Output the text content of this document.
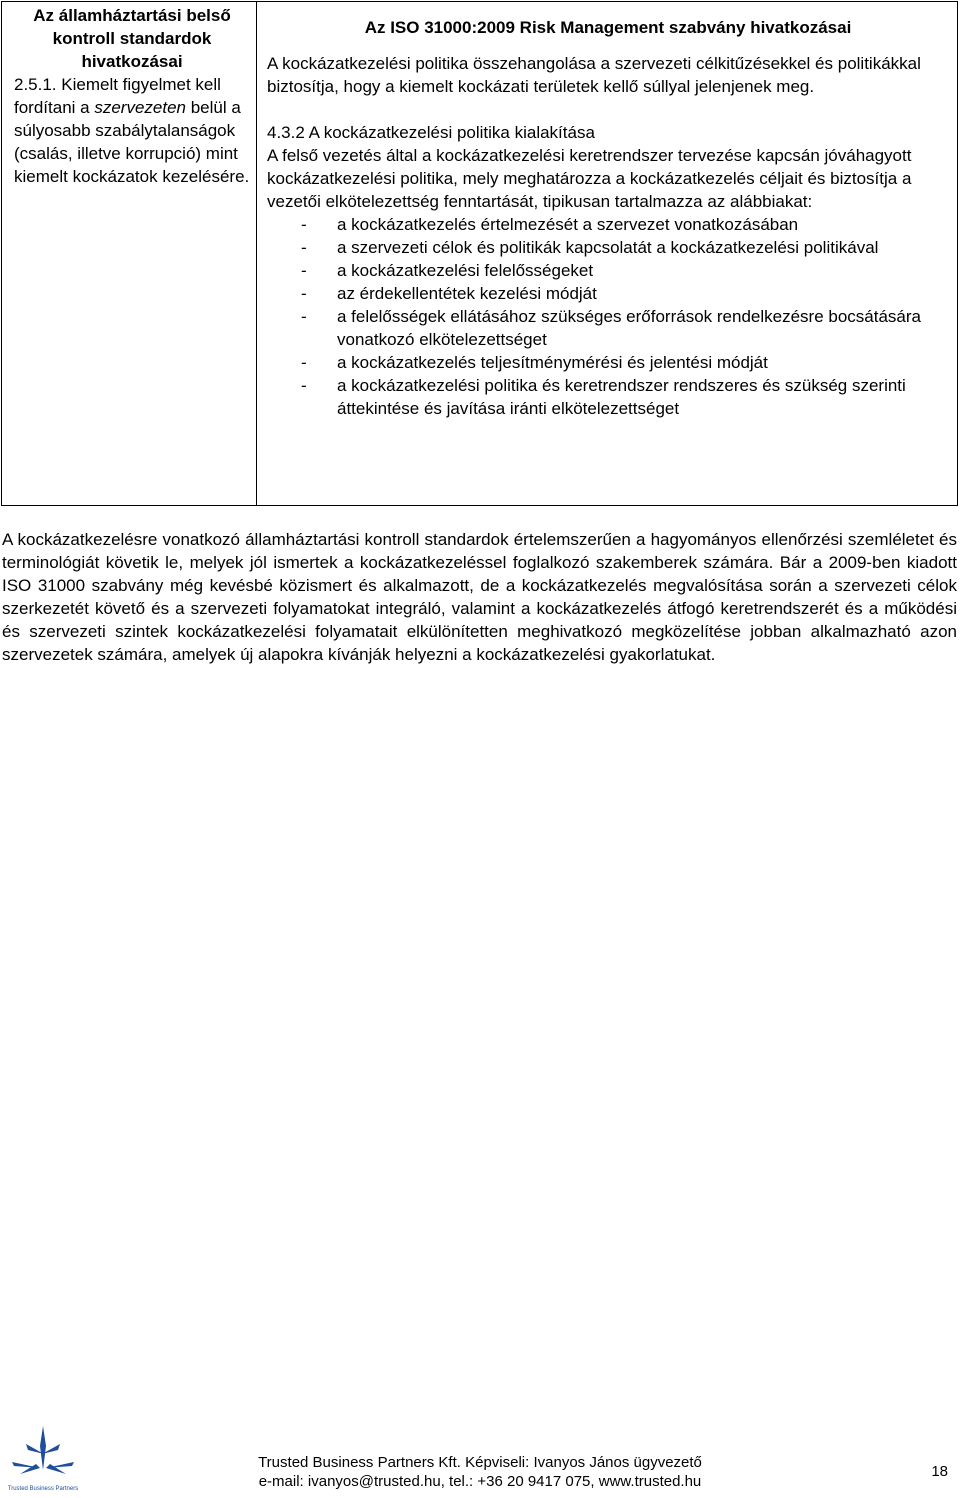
Az államháztartási belső kontroll standardok hivatkozásai
2.5.1. Kiemelt figyelmet kell fordítani a szervezeten belül a súlyosabb szabálytalanságok (csalás, illetve korrupció) mint kiemelt kockázatok kezelésére.
Az ISO 31000:2009 Risk Management szabvány hivatkozásai

A kockázatkezelési politika összehangolása a szervezeti célkitűzésekkel és politikákkal biztosítja, hogy a kiemelt kockázati területek kellő súllyal jelenjenek meg.

4.3.2 A kockázatkezelési politika kialakítása

A felső vezetés által a kockázatkezelési keretrendszer tervezése kapcsán jóváhagyott kockázatkezelési politika, mely meghatározza a kockázatkezelés céljait és biztosítja a vezetői elkötelezettség fenntartását, tipikusan tartalmazza az alábbiakat:

- a kockázatkezelés értelmezését a szervezet vonatkozásában
- a szervezeti célok és politikák kapcsolatát a kockázatkezelési politikával
- a kockázatkezelési felelősségeket
- az érdekellentétek kezelési módját
- a felelősségek ellátásához szükséges erőforrások rendelkezésre bocsátására vonatkozó elkötelezettséget
- a kockázatkezelés teljesítménymérési és jelentési módját
- a kockázatkezelési politika és keretrendszer rendszeres és szükség szerinti áttekintése és javítása iránti elkötelezettséget

A kockázatkezelésre vonatkozó államháztartási kontroll standardok értelemszerűen a hagyományos ellenőrzési szemléletet és terminológiát követik le, melyek jól ismertek a kockázatkezeléssel foglalkozó szakemberek számára. Bár a 2009-ben kiadott ISO 31000 szabvány még kevésbé közismert és alkalmazott, de a kockázatkezelés megvalósítása során a szervezeti célok szerkezetét követő és a szervezeti folyamatokat integráló, valamint a kockázatkezelés átfogó keretrendszerét és a működési és szervezeti szintek kockázatkezelési folyamatait elkülönítetten meghivatkozó megközelítése jobban alkalmazható azon szervezetek számára, amelyek új alapokra kívánják helyezni a kockázatkezelési gyakorlatukat.

Trusted Business Partners
Trusted Business Partners Kft. Képviseli: Ivanyos János ügyvezető
e-mail: ivanyos@trusted.hu, tel.: +36 20 9417 075, www.trusted.hu
18
